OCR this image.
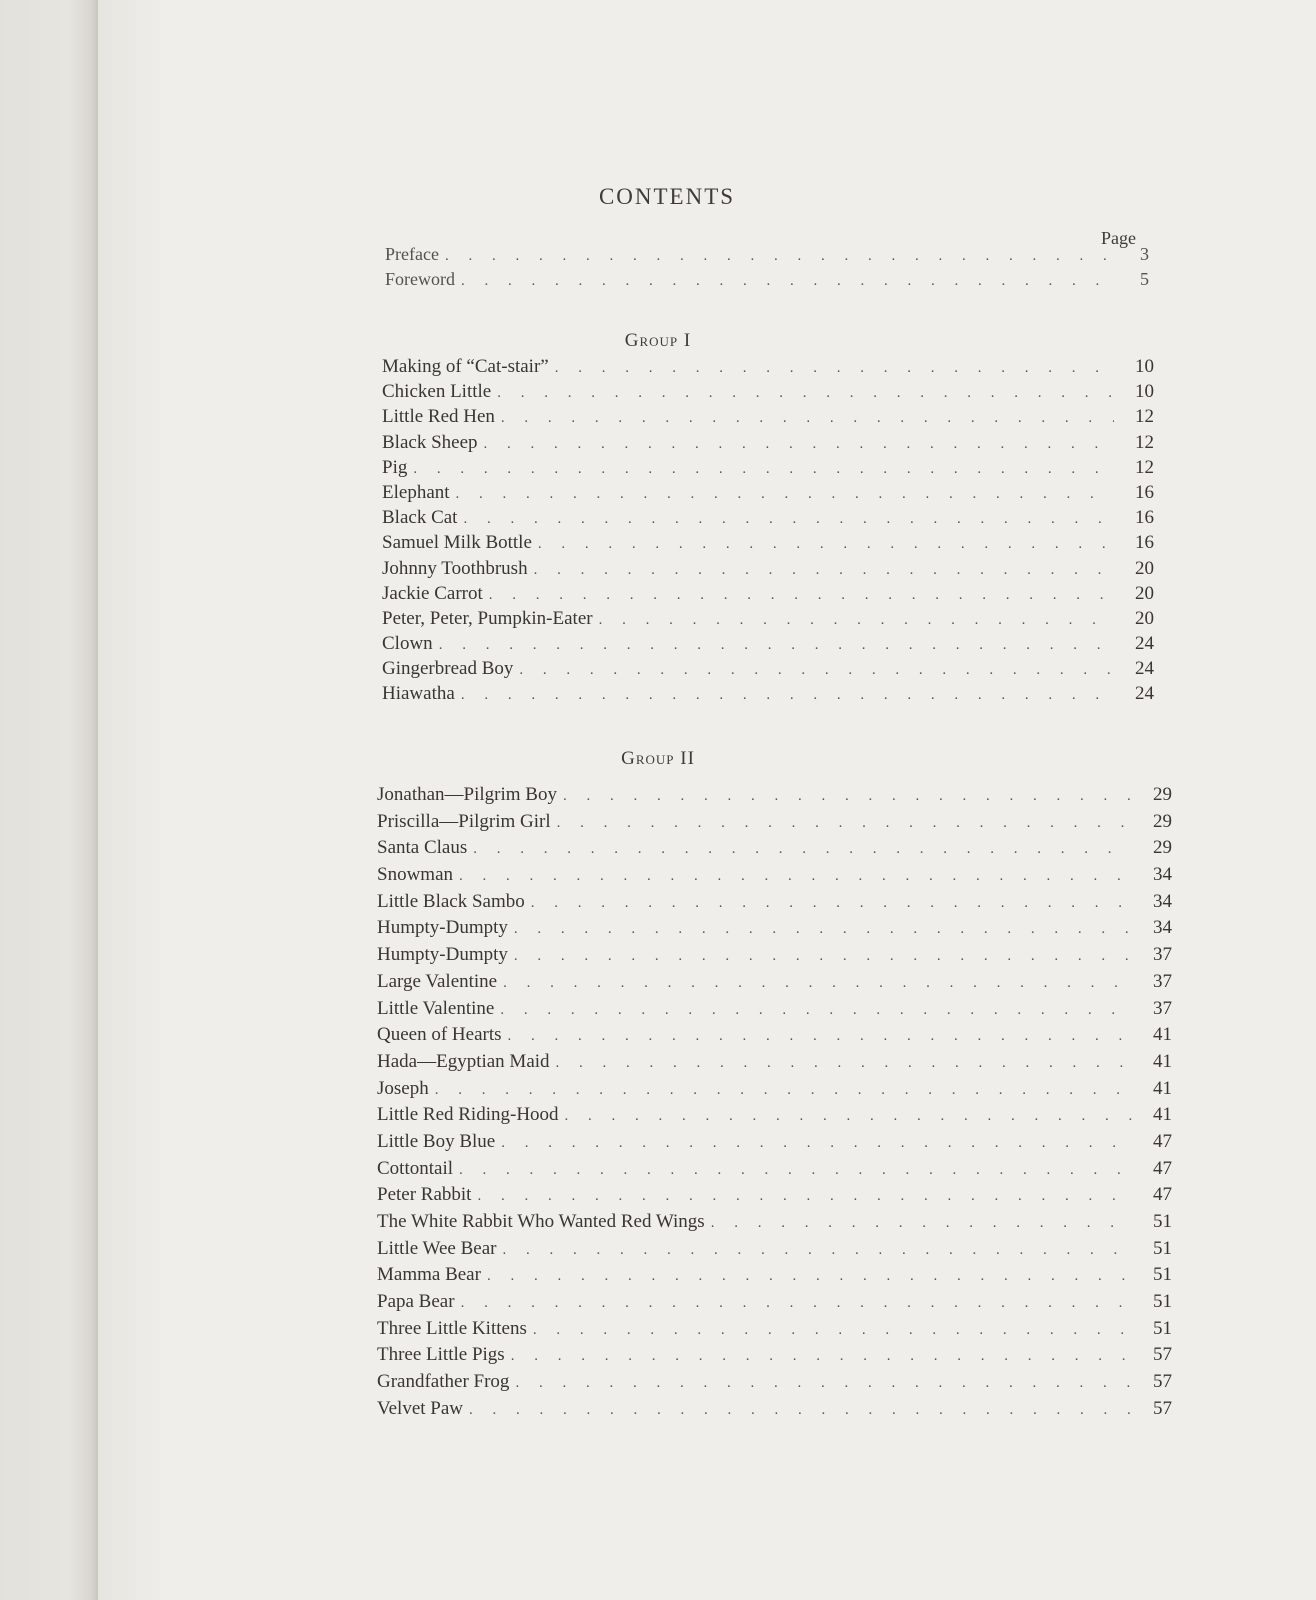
CONTENTS
Page
Preface . . .	3
Foreword . . .	5
Group I
Making of “Cat-stair” . . .	10
Chicken Little . . .	10
Little Red Hen . . .	12
Black Sheep . . .	12
Pig . . .	12
Elephant . . .	16
Black Cat . . .	16
Samuel Milk Bottle . . .	16
Johnny Toothbrush . . .	20
Jackie Carrot . . .	20
Peter, Peter, Pumpkin-Eater . . .	20
Clown . . .	24
Gingerbread Boy . . .	24
Hiawatha . . .	24
Group II
Jonathan—Pilgrim Boy . . .	29
Priscilla—Pilgrim Girl . . .	29
Santa Claus . . .	29
Snowman . . .	34
Little Black Sambo . . .	34
Humpty-Dumpty . . .	34
Humpty-Dumpty . . .	37
Large Valentine . . .	37
Little Valentine . . .	37
Queen of Hearts . . .	41
Hada—Egyptian Maid . . .	41
Joseph . . .	41
Little Red Riding-Hood . . .	41
Little Boy Blue . . .	47
Cottontail . . .	47
Peter Rabbit . . .	47
The White Rabbit Who Wanted Red Wings . . .	51
Little Wee Bear . . .	51
Mamma Bear . . .	51
Papa Bear . . .	51
Three Little Kittens . . .	51
Three Little Pigs . . .	57
Grandfather Frog . . .	57
Velvet Paw . . .	57
